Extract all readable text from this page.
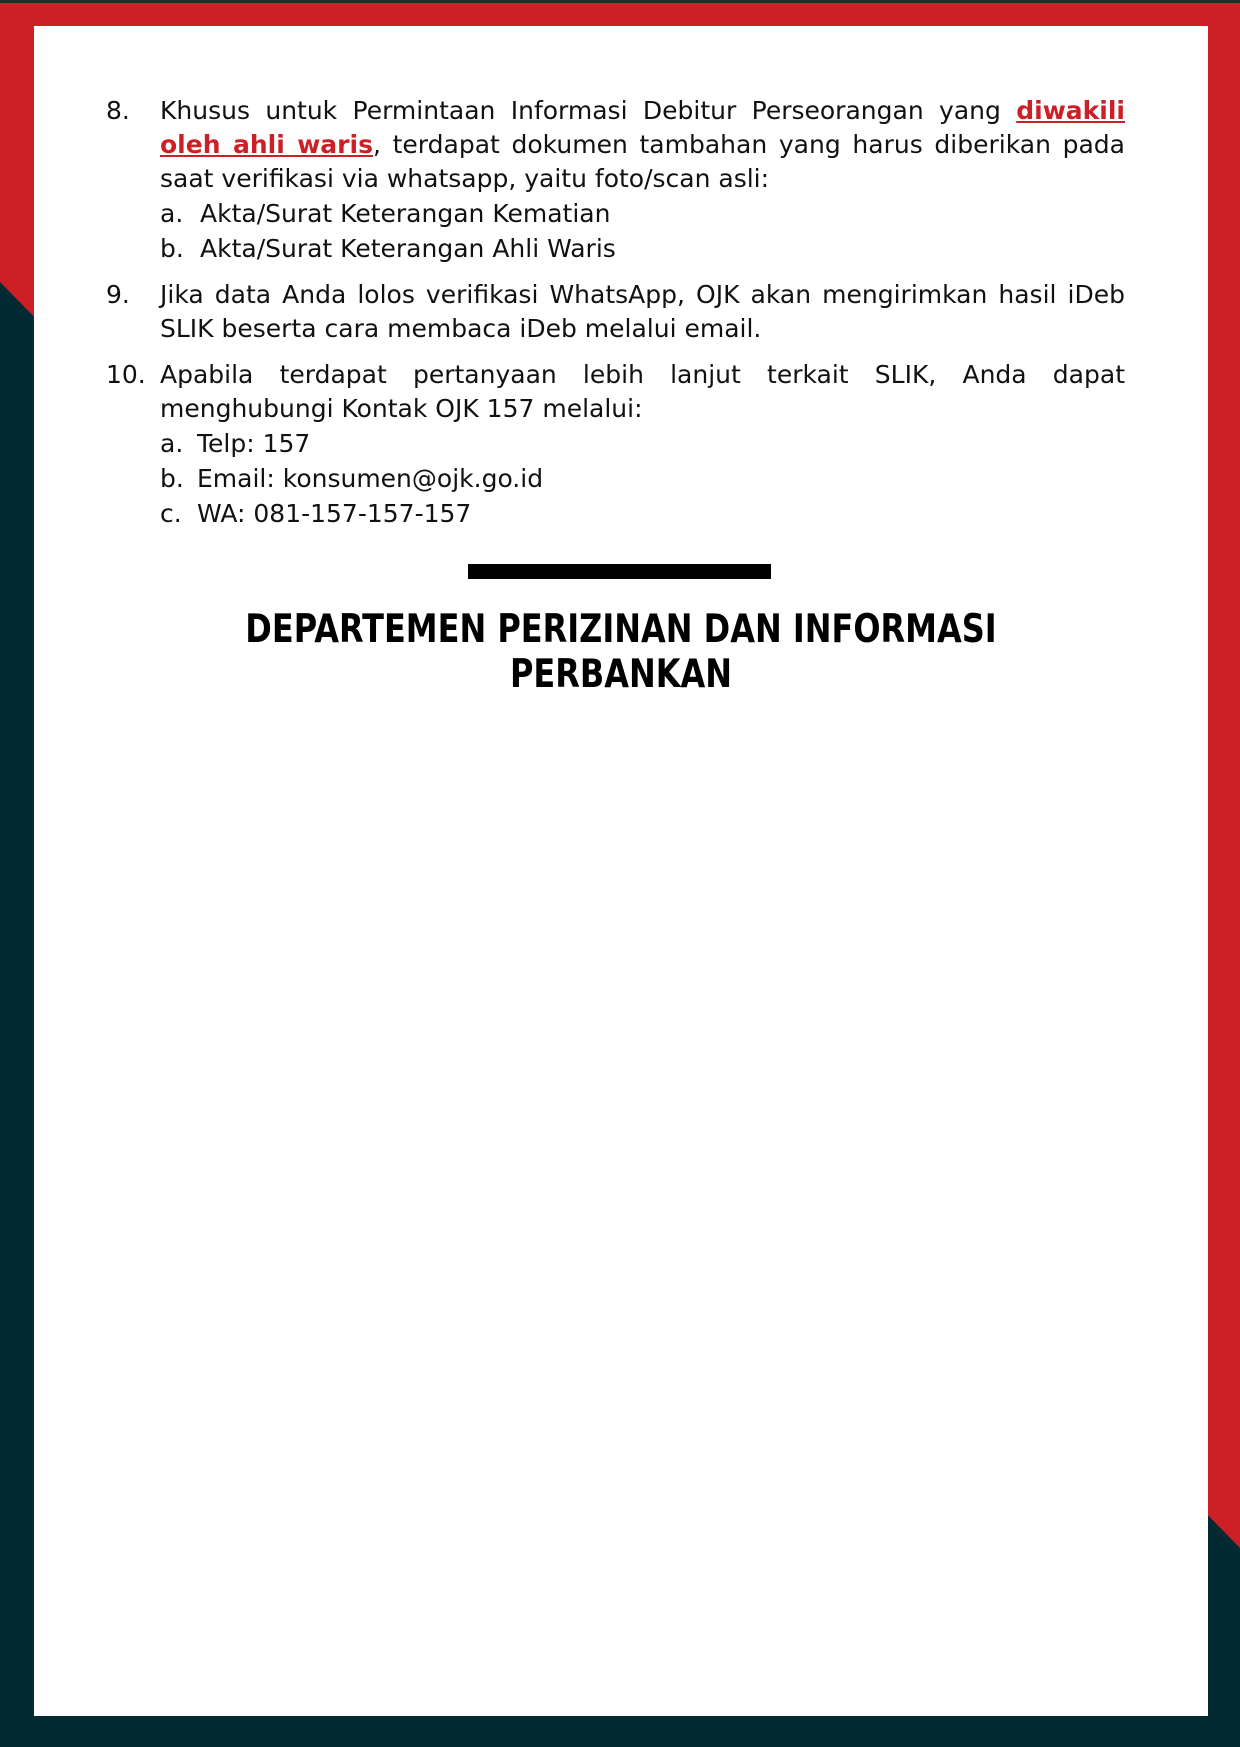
8. Khusus untuk Permintaan Informasi Debitur Perseorangan yang diwakili oleh ahli waris, terdapat dokumen tambahan yang harus diberikan pada saat verifikasi via whatsapp, yaitu foto/scan asli:
a. Akta/Surat Keterangan Kematian
b. Akta/Surat Keterangan Ahli Waris
9. Jika data Anda lolos verifikasi WhatsApp, OJK akan mengirimkan hasil iDeb SLIK beserta cara membaca iDeb melalui email.
10. Apabila terdapat pertanyaan lebih lanjut terkait SLIK, Anda dapat menghubungi Kontak OJK 157 melalui:
a. Telp: 157
b. Email: konsumen@ojk.go.id
c. WA: 081-157-157-157
DEPARTEMEN PERIZINAN DAN INFORMASI PERBANKAN
